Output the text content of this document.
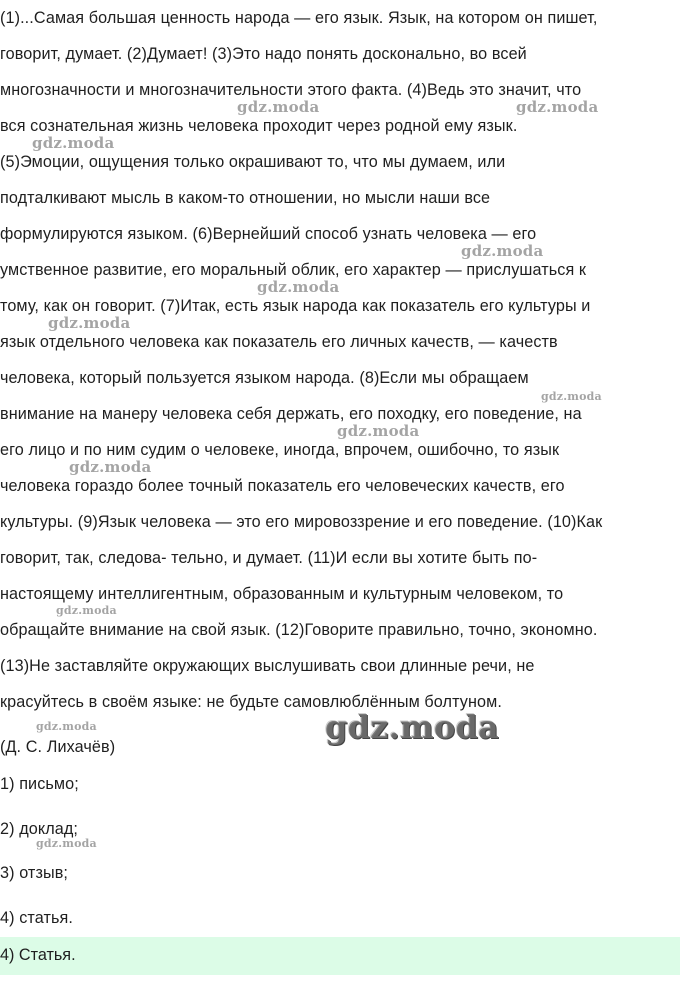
(1)...Самая большая ценность народа — его язык. Язык, на котором он пишет,
говорит, думает. (2)Думает! (3)Это надо понять досконально, во всей
многозначности и многозначительности этого факта. (4)Ведь это значит, что
вся сознательная жизнь человека проходит через родной ему язык.
(5)Эмоции, ощущения только окрашивают то, что мы думаем, или
подталкивают мысль в каком-то отношении, но мысли наши все
формулируются языком. (6)Вернейший способ узнать человека — его
умственное развитие, его моральный облик, его характер — прислушаться к
тому, как он говорит. (7)Итак, есть язык народа как показатель его культуры и
язык отдельного человека как показатель его личных качеств, — качеств
человека, который пользуется языком народа. (8)Если мы обращаем
внимание на манеру человека себя держать, его походку, его поведение, на
его лицо и по ним судим о человеке, иногда, впрочем, ошибочно, то язык
человека гораздо более точный показатель его человеческих качеств, его
культуры. (9)Язык человека — это его мировоззрение и его поведение. (10)Как
говорит, так, следова- тельно, и думает. (11)И если вы хотите быть по-
настоящему интеллигентным, образованным и культурным человеком, то
обращайте внимание на свой язык. (12)Говорите правильно, точно, экономно.
(13)Не заставляйте окружающих выслушивать свои длинные речи, не
красуйтесь в своём языке: не будьте самовлюблённым болтуном.
(Д. С. Лихачёв)
1) письмо;
2) доклад;
3) отзыв;
4) статья.
4) Статья.
gdz.moda	gdz.moda
gdz.moda
gdz.moda
gdz.moda
gdz.moda
gdz.moda
gdz.moda
gdz.moda
gdz.moda
gdz.moda	gdz.moda
gdz.moda
